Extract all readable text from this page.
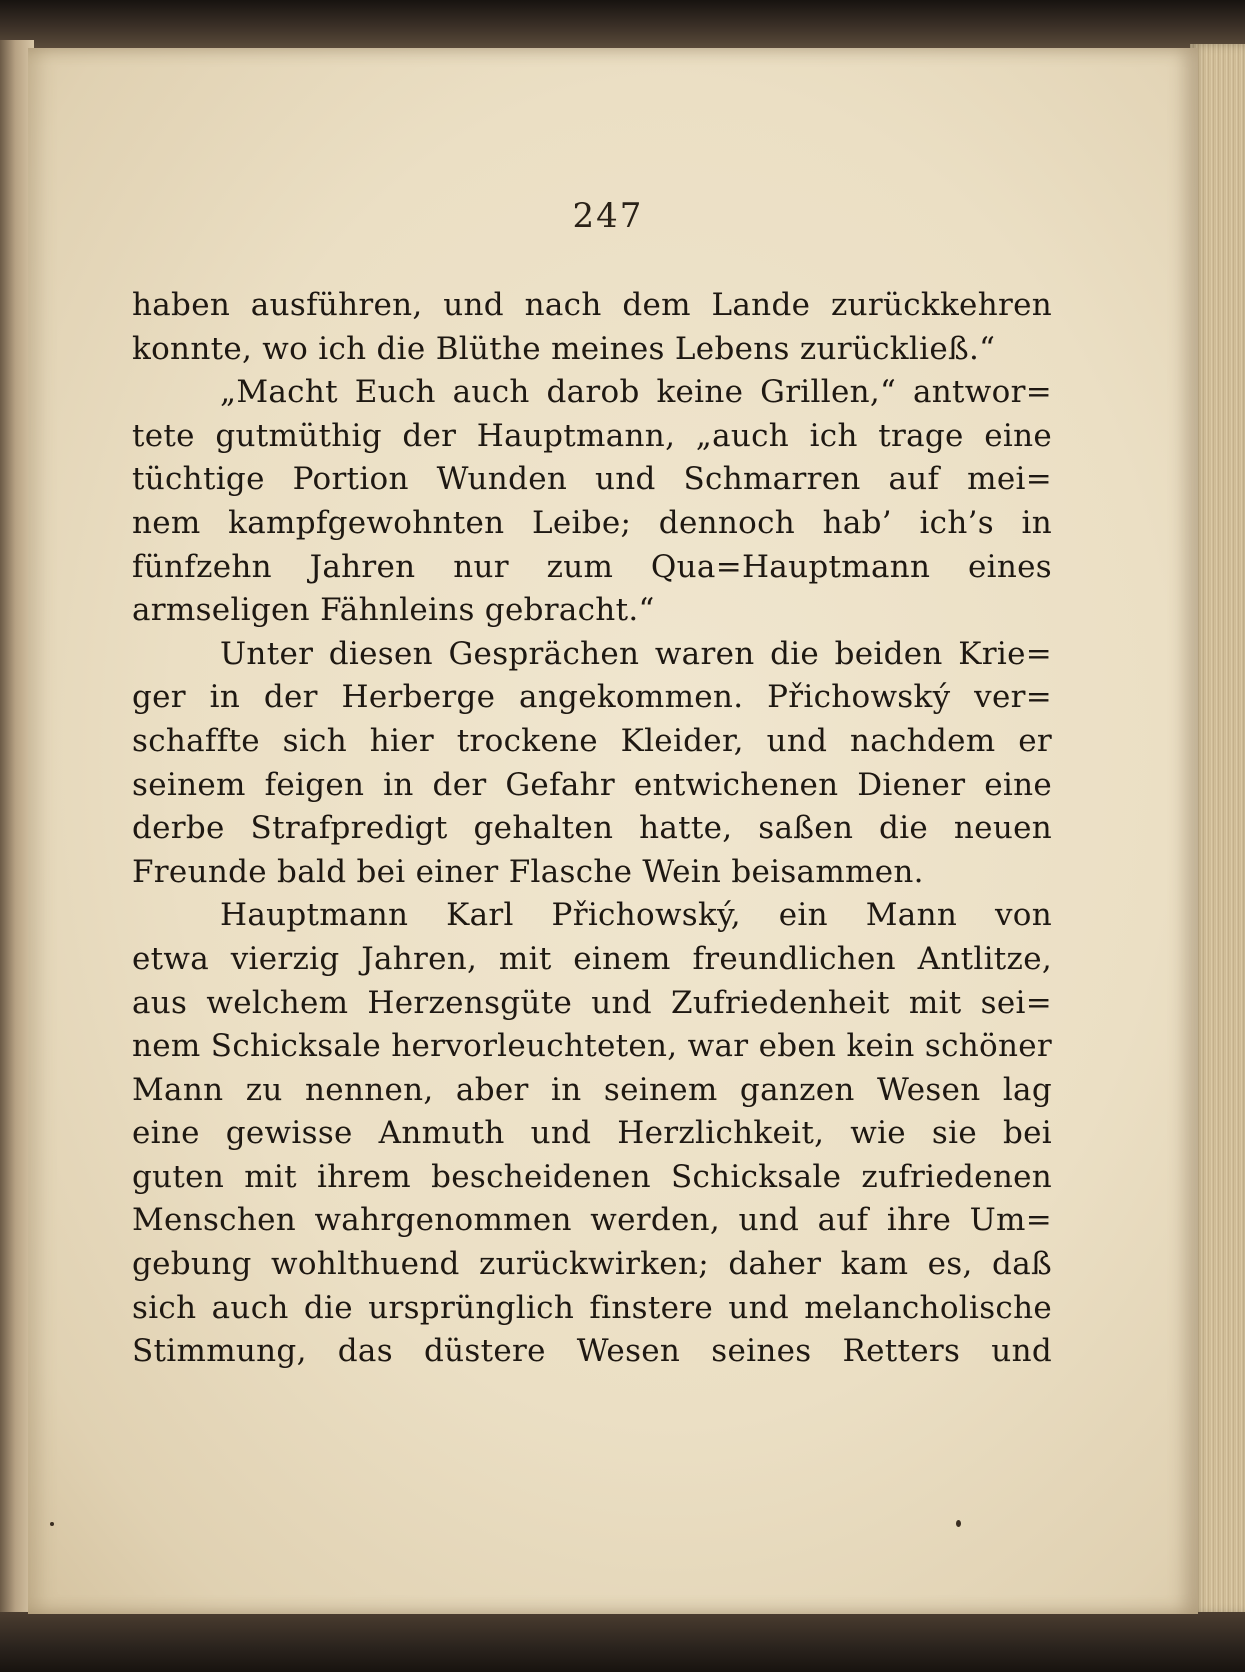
247
haben ausführen, und nach dem Lande zurückkehren
konnte, wo ich die Blüthe meines Lebens zurückließ.“
„Macht Euch auch darob keine Grillen,“ antwor=
tete gutmüthig der Hauptmann, „auch ich trage eine
tüchtige Portion Wunden und Schmarren auf mei=
nem kampfgewohnten Leibe; dennoch hab’ ich’s in
fünfzehn Jahren nur zum Qua=Hauptmann eines
armseligen Fähnleins gebracht.“
Unter diesen Gesprächen waren die beiden Krie=
ger in der Herberge angekommen. Přichowský ver=
schaffte sich hier trockene Kleider, und nachdem er
seinem feigen in der Gefahr entwichenen Diener eine
derbe Strafpredigt gehalten hatte, saßen die neuen
Freunde bald bei einer Flasche Wein beisammen.
Hauptmann Karl Přichowský, ein Mann von
etwa vierzig Jahren, mit einem freundlichen Antlitze,
aus welchem Herzensgüte und Zufriedenheit mit sei=
nem Schicksale hervorleuchteten, war eben kein schöner
Mann zu nennen, aber in seinem ganzen Wesen lag
eine gewisse Anmuth und Herzlichkeit, wie sie bei
guten mit ihrem bescheidenen Schicksale zufriedenen
Menschen wahrgenommen werden, und auf ihre Um=
gebung wohlthuend zurückwirken; daher kam es, daß
sich auch die ursprünglich finstere und melancholische
Stimmung, das düstere Wesen seines Retters und
